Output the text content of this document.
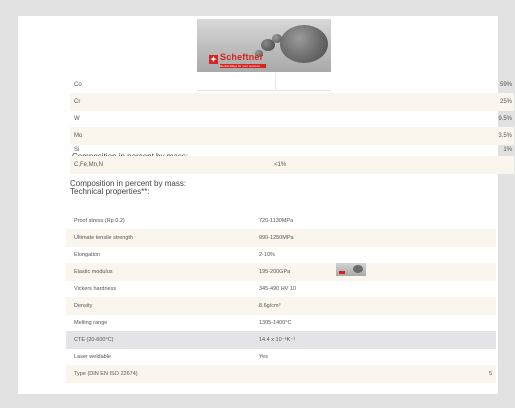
✦ Scheftner
Dental alloys for your success
Co	59%
Cr	25%
W	9.5%
Mo	3.5%
Si	1%
C,Fe,Mn,N	<1%
Composition in percent by mass:
Technical properties**:
Proof stress (Rp 0.2)	720-1130MPa
Ultimate tensile strength	990-1250MPa
Elongation	2-10%
Elastic modulus	195-200GPa
Vickers hardness	345-490 HV 10
Density	8.6g/cm³
Melting range	1305-1400°C
CTE (20-600°C)	14.4 x 10⁻⁶K⁻¹
Laser weldable	Yes
Type (DIN EN ISO 22674)	5
